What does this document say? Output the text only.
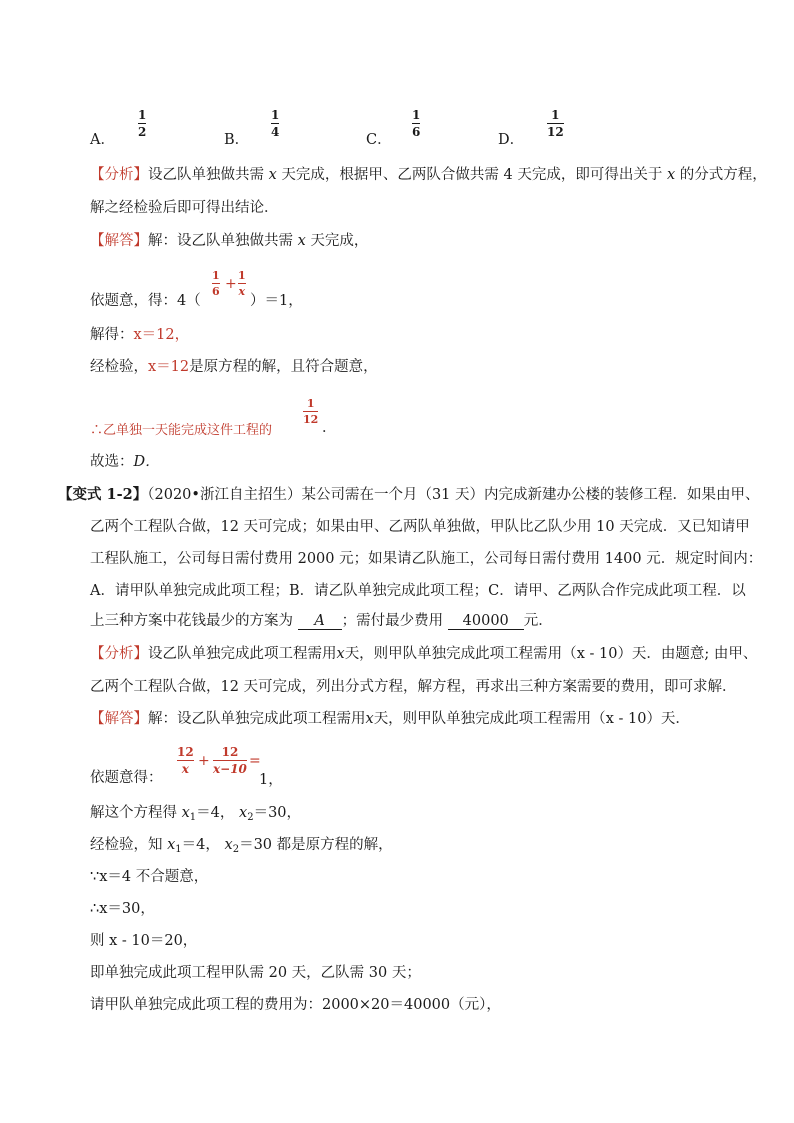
A．
1
2	B．
1
4	C．
1
6	D．
1
12
【分析】设乙队单独做共需 x 天完成，根据甲、乙两队合做共需 4 天完成，即可得出关于 x 的分式方程，
解之经检验后即可得出结论．
【解答】解：设乙队单独做共需 x 天完成，
依题意，得：4（
1
6 +
1
x
）＝1，
解得：x＝12，
经检验，x＝12是原方程的解，且符合题意，
∴乙单独一天能完成这件工程的
1
12
．
故选：D．
【变式 1-2】（2020•浙江自主招生）某公司需在一个月（31 天）内完成新建办公楼的装修工程．如果由甲、
乙两个工程队合做，12 天可完成；如果由甲、乙两队单独做，甲队比乙队少用 10 天完成．又已知请甲
工程队施工，公司每日需付费用 2000 元；如果请乙队施工，公司每日需付费用 1400 元．规定时间内：
A．请甲队单独完成此项工程；B．请乙队单独完成此项工程；C．请甲、乙两队合作完成此项工程．以
上三种方案中花钱最少的方案为 A ；需付最少费用 40000 元．
【分析】设乙队单独完成此项工程需用x天，则甲队单独完成此项工程需用（x - 10）天．由题意; 由甲、
乙两个工程队合做，12 天可完成，列出分式方程，解方程，再求出三种方案需要的费用，即可求解．
【解答】解：设乙队单独完成此项工程需用x天，则甲队单独完成此项工程需用（x - 10）天．
依题意得：
12
x +
12
x−10 =
1，
解这个方程得 $x_1=4$， $x_2=30$，
经检验，知 $x_1=4$， $x_2=30$ 都是原方程的解，
∵x＝4 不合题意，
∴x＝30，
则 x - 10＝20，
即单独完成此项工程甲队需 20 天，乙队需 30 天；
请甲队单独完成此项工程的费用为：2000×20＝40000（元），
